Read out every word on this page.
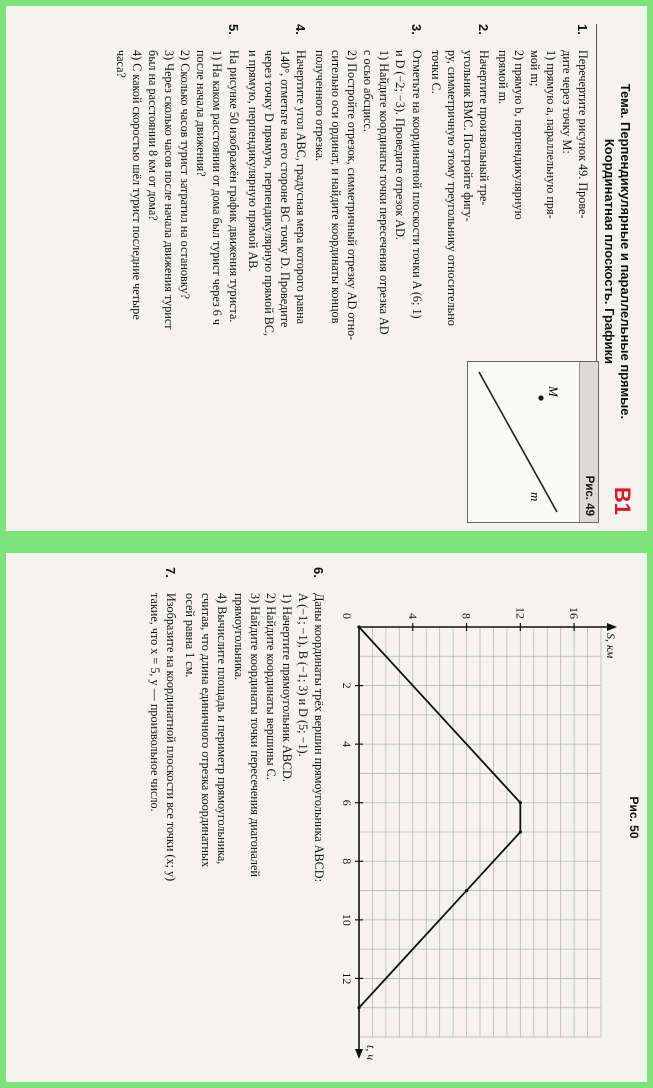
Тема. Перпендикулярные и параллельные прямые.
Координатная плоскость. Графики
B1
Рис. 49
M
m
1.
Перечертите рисунок 49. Прове-
дите через точку M:
1) прямую a, параллельную пря-
мой m;
2) прямую b, перпендикулярную
прямой m.
2.
Начертите произвольный тре-
угольник BMC. Постройте фигу-
ру, симметричную этому треугольнику относительно
точки C.
3.
Отметьте на координатной плоскости точки A (6; 1)
и D (−2; −3). Проведите отрезок AD.
1) Найдите координаты точки пересечения отрезка AD
с осью абсцисс.
2) Постройте отрезок, симметричный отрезку AD отно-
сительно оси ординат, и найдите координаты концов
полученного отрезка.
4.
Начертите угол ABC, градусная мера которого равна
140°, отметьте на его стороне BC точку D. Проведите
через точку D прямую, перпендикулярную прямой BC,
и прямую, перпендикулярную прямой AB.
5.
На рисунке 50 изображён график движения туриста.
1) На каком расстоянии от дома был турист через 6 ч
после начала движения?
2) Сколько часов турист затратил на остановку?
3) Через сколько часов после начала движения турист
был на расстоянии 8 км от дома?
4) С какой скоростью шёл турист последние четыре
часа?
Рис. 50
2
4
6
8
10
12
4	8	12	16
0
t, ч
S, км
6.
Даны координаты трёх вершин прямоугольника ABCD:
A (−1; −1), B (−1; 3) и D (5; −1).
1) Начертите прямоугольник ABCD.
2) Найдите координаты вершины C.
3) Найдите координаты точки пересечения диагоналей
прямоугольника.
4) Вычислите площадь и периметр прямоугольника,
считая, что длина единичного отрезка координатных
осей равна 1 см.
7.
Изобразите на координатной плоскости все точки (x; y)
такие, что x = 5, y — произвольное число.
